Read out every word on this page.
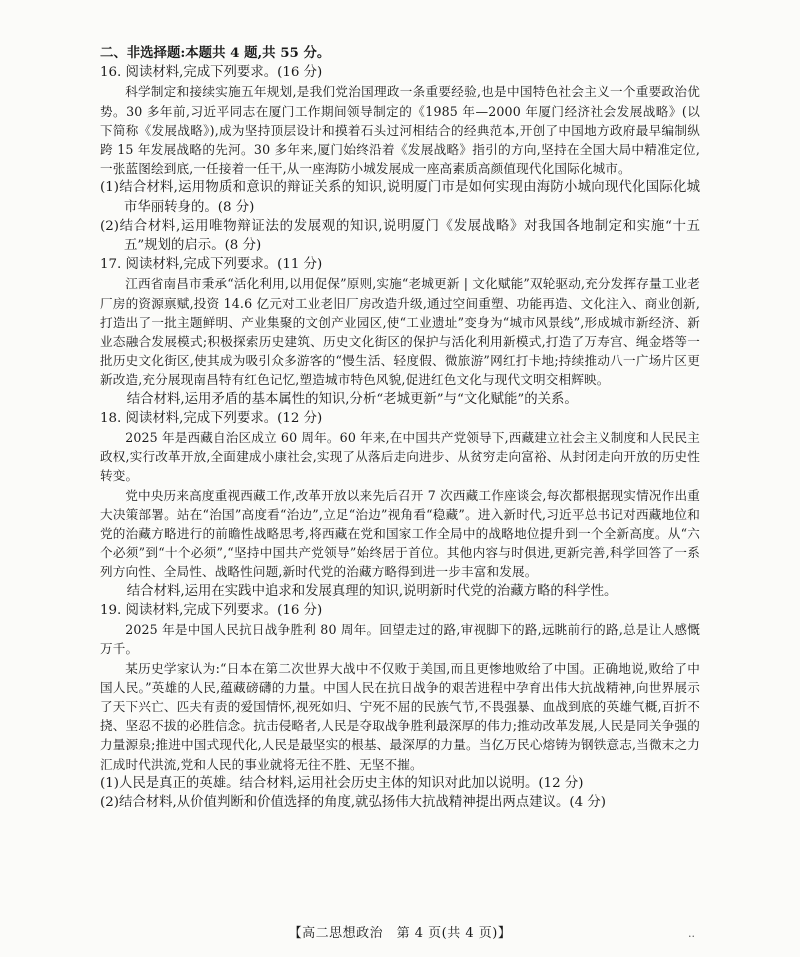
二、非选择题:本题共 4 题,共 55 分。

16. 阅读材料,完成下列要求。(16 分)

科学制定和接续实施五年规划,是我们党治国理政一条重要经验,也是中国特色社会主义一个重要政治优势。30 多年前,习近平同志在厦门工作期间领导制定的《1985 年—2000 年厦门经济社会发展战略》(以下简称《发展战略》),成为坚持顶层设计和摸着石头过河相结合的经典范本,开创了中国地方政府最早编制纵跨 15 年发展战略的先河。30 多年来,厦门始终沿着《发展战略》指引的方向,坚持在全国大局中精准定位,一张蓝图绘到底,一任接着一任干,从一座海防小城发展成一座高素质高颜值现代化国际化城市。

(1)结合材料,运用物质和意识的辩证关系的知识,说明厦门市是如何实现由海防小城向现代化国际化城市华丽转身的。(8 分)

(2)结合材料,运用唯物辩证法的发展观的知识,说明厦门《发展战略》对我国各地制定和实施“十五五”规划的启示。(8 分)

17. 阅读材料,完成下列要求。(11 分)

江西省南昌市秉承“活化利用,以用促保”原则,实施“老城更新 | 文化赋能”双轮驱动,充分发挥存量工业老厂房的资源禀赋,投资 14.6 亿元对工业老旧厂房改造升级,通过空间重塑、功能再造、文化注入、商业创新,打造出了一批主题鲜明、产业集聚的文创产业园区,使“工业遗址”变身为“城市风景线”,形成城市新经济、新业态融合发展模式;积极探索历史建筑、历史文化街区的保护与活化利用新模式,打造了万寿宫、绳金塔等一批历史文化街区,使其成为吸引众多游客的“慢生活、轻度假、微旅游”网红打卡地;持续推动八一广场片区更新改造,充分展现南昌特有红色记忆,塑造城市特色风貌,促进红色文化与现代文明交相辉映。

结合材料,运用矛盾的基本属性的知识,分析“老城更新”与“文化赋能”的关系。

18. 阅读材料,完成下列要求。(12 分)

2025 年是西藏自治区成立 60 周年。60 年来,在中国共产党领导下,西藏建立社会主义制度和人民民主政权,实行改革开放,全面建成小康社会,实现了从落后走向进步、从贫穷走向富裕、从封闭走向开放的历史性转变。

党中央历来高度重视西藏工作,改革开放以来先后召开 7 次西藏工作座谈会,每次都根据现实情况作出重大决策部署。站在“治国”高度看“治边”,立足“治边”视角看“稳藏”。进入新时代,习近平总书记对西藏地位和党的治藏方略进行的前瞻性战略思考,将西藏在党和国家工作全局中的战略地位提升到一个全新高度。从“六个必须”到“十个必须”,“坚持中国共产党领导”始终居于首位。其他内容与时俱进,更新完善,科学回答了一系列方向性、全局性、战略性问题,新时代党的治藏方略得到进一步丰富和发展。

结合材料,运用在实践中追求和发展真理的知识,说明新时代党的治藏方略的科学性。

19. 阅读材料,完成下列要求。(16 分)

2025 年是中国人民抗日战争胜利 80 周年。回望走过的路,审视脚下的路,远眺前行的路,总是让人感慨万千。

某历史学家认为:“日本在第二次世界大战中不仅败于美国,而且更惨地败给了中国。正确地说,败给了中国人民。”英雄的人民,蕴藏磅礴的力量。中国人民在抗日战争的艰苦进程中孕育出伟大抗战精神,向世界展示了天下兴亡、匹夫有责的爱国情怀,视死如归、宁死不屈的民族气节,不畏强暴、血战到底的英雄气概,百折不挠、坚忍不拔的必胜信念。抗击侵略者,人民是夺取战争胜利最深厚的伟力;推动改革发展,人民是同关争强的力量源泉;推进中国式现代化,人民是最坚实的根基、最深厚的力量。当亿万民心熔铸为钢铁意志,当微末之力汇成时代洪流,党和人民的事业就将无往不胜、无坚不摧。

(1)人民是真正的英雄。结合材料,运用社会历史主体的知识对此加以说明。(12 分)

(2)结合材料,从价值判断和价值选择的角度,就弘扬伟大抗战精神提出两点建议。(4 分)

【高二思想政治　第 4 页(共 4 页)】	..
